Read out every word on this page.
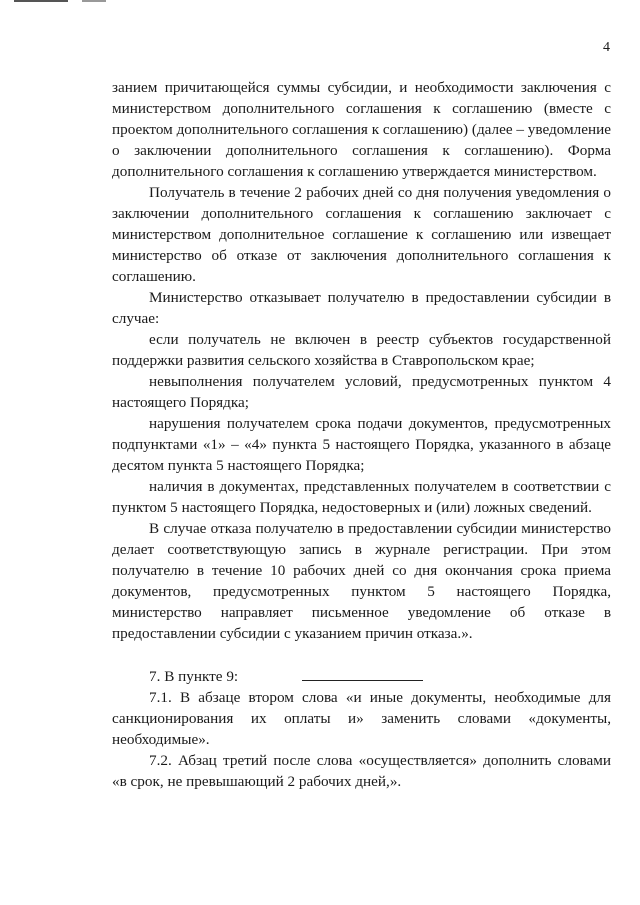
4

занием причитающейся суммы субсидии, и необходимости заключения с министерством дополнительного соглашения к соглашению (вместе с проектом дополнительного соглашения к соглашению) (далее – уведомление о заключении дополнительного соглашения к соглашению). Форма дополнительного соглашения к соглашению утверждается министерством.

Получатель в течение 2 рабочих дней со дня получения уведомления о заключении дополнительного соглашения к соглашению заключает с министерством дополнительное соглашение к соглашению или извещает министерство об отказе от заключения дополнительного соглашения к соглашению.

Министерство отказывает получателю в предоставлении субсидии в случае:

если получатель не включен в реестр субъектов государственной поддержки развития сельского хозяйства в Ставропольском крае;

невыполнения получателем условий, предусмотренных пунктом 4 настоящего Порядка;

нарушения получателем срока подачи документов, предусмотренных подпунктами «1» – «4» пункта 5 настоящего Порядка, указанного в абзаце десятом пункта 5 настоящего Порядка;

наличия в документах, представленных получателем в соответствии с пунктом 5 настоящего Порядка, недостоверных и (или) ложных сведений.

В случае отказа получателю в предоставлении субсидии министерство делает соответствующую запись в журнале регистрации. При этом получателю в течение 10 рабочих дней со дня окончания срока приема документов, предусмотренных пунктом 5 настоящего Порядка, министерство направляет письменное уведомление об отказе в предоставлении субсидии с указанием причин отказа.».

7. В пункте 9:

7.1. В абзаце втором слова «и иные документы, необходимые для санкционирования их оплаты и» заменить словами «документы, необходимые».

7.2. Абзац третий после слова «осуществляется» дополнить словами «в срок, не превышающий 2 рабочих дней,».
